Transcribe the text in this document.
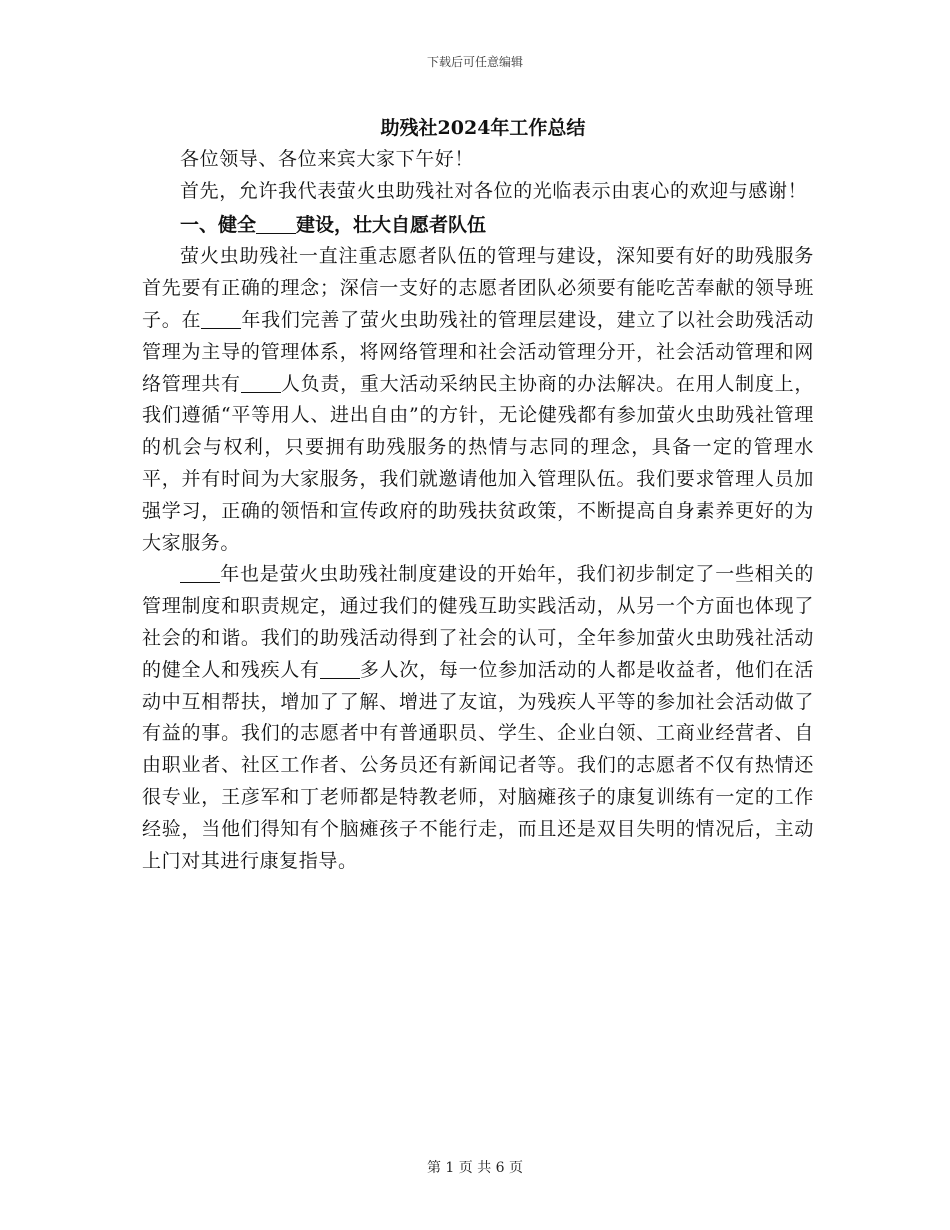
下载后可任意编辑
助残社2024年工作总结

各位领导、各位来宾大家下午好！

首先，允许我代表萤火虫助残社对各位的光临表示由衷心的欢迎与感谢！

一、健全 建设，壮大自愿者队伍

萤火虫助残社一直注重志愿者队伍的管理与建设，深知要有好的助残服务首先要有正确的理念；深信一支好的志愿者团队必须要有能吃苦奉献的领导班子。在 年我们完善了萤火虫助残社的管理层建设，建立了以社会助残活动管理为主导的管理体系，将网络管理和社会活动管理分开，社会活动管理和网络管理共有 人负责，重大活动采纳民主协商的办法解决。在用人制度上，我们遵循“平等用人、进出自由”的方针，无论健残都有参加萤火虫助残社管理的机会与权利，只要拥有助残服务的热情与志同的理念，具备一定的管理水平，并有时间为大家服务，我们就邀请他加入管理队伍。我们要求管理人员加强学习，正确的领悟和宣传政府的助残扶贫政策，不断提高自身素养更好的为大家服务。

年也是萤火虫助残社制度建设的开始年，我们初步制定了一些相关的管理制度和职责规定，通过我们的健残互助实践活动，从另一个方面也体现了社会的和谐。我们的助残活动得到了社会的认可，全年参加萤火虫助残社活动的健全人和残疾人有 多人次，每一位参加活动的人都是收益者，他们在活动中互相帮扶，增加了了解、增进了友谊，为残疾人平等的参加社会活动做了有益的事。我们的志愿者中有普通职员、学生、企业白领、工商业经营者、自由职业者、社区工作者、公务员还有新闻记者等。我们的志愿者不仅有热情还很专业，王彦军和丁老师都是特教老师，对脑瘫孩子的康复训练有一定的工作经验，当他们得知有个脑瘫孩子不能行走，而且还是双目失明的情况后，主动上门对其进行康复指导。

第 1 页 共 6 页
